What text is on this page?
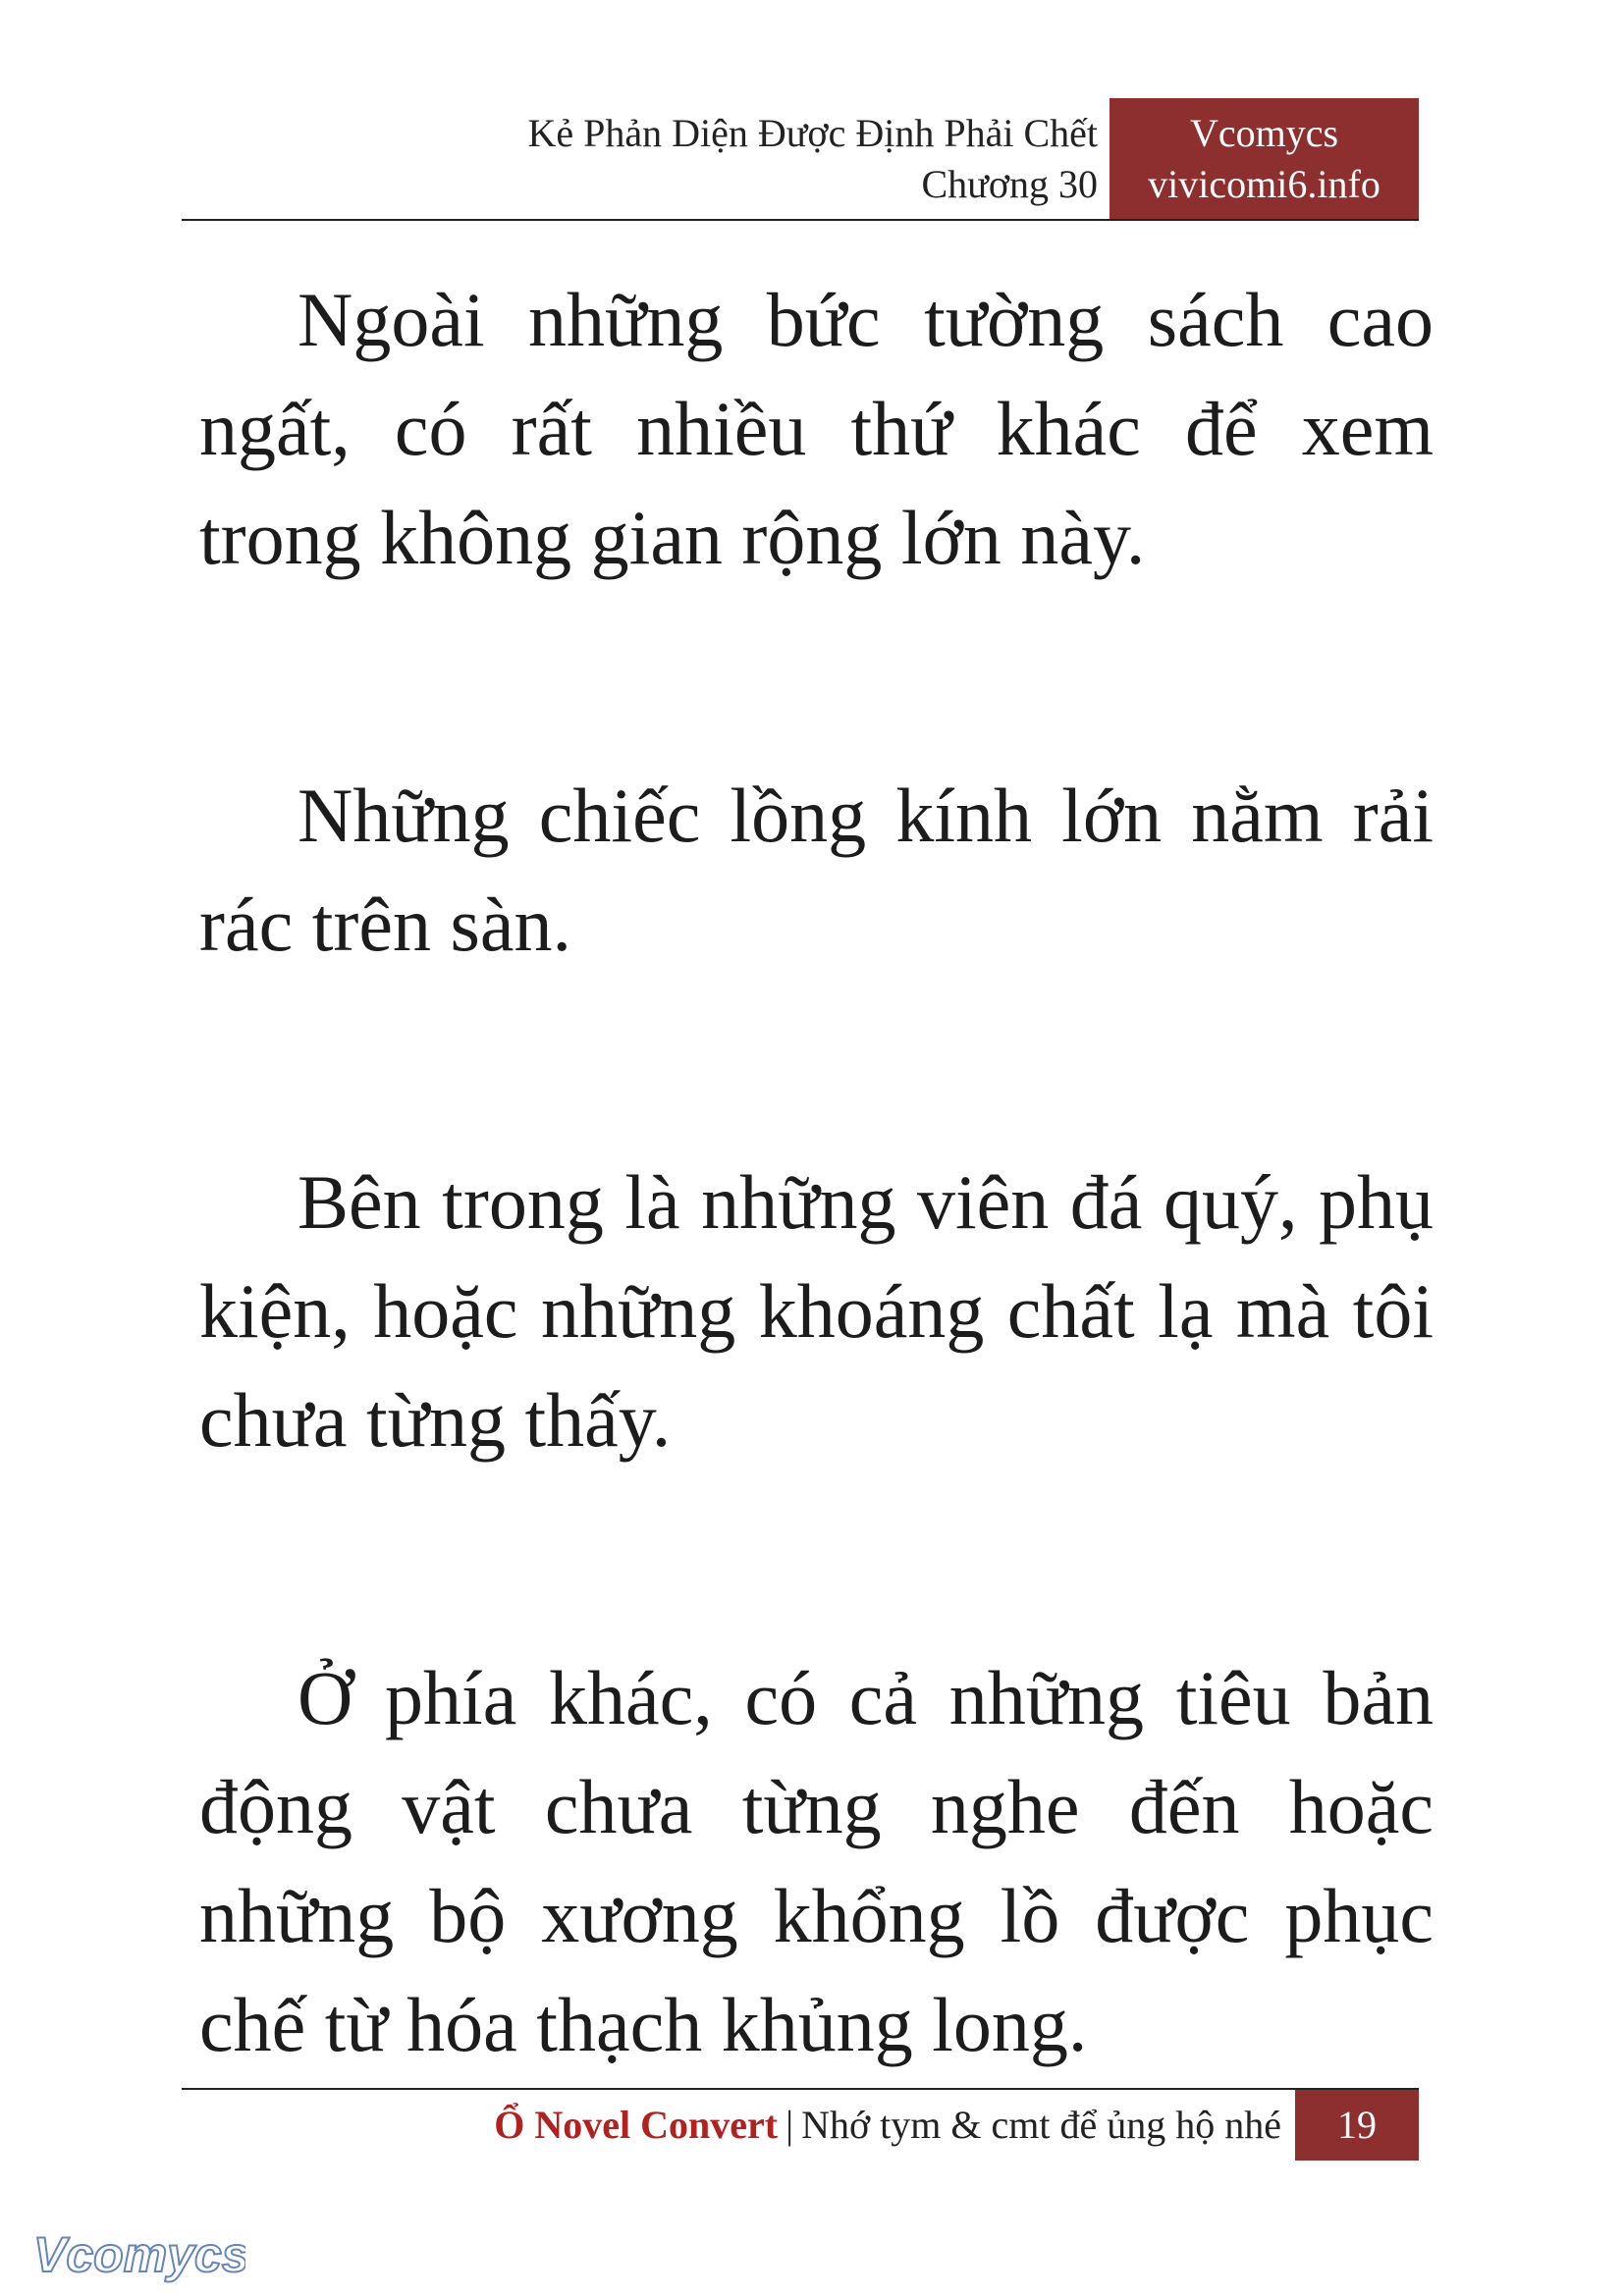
Kẻ Phản Diện Được Định Phải Chết
Chương 30
Vcomycs
vivicomi6.info

Ngoài những bức tường sách cao ngất, có rất nhiều thứ khác để xem trong không gian rộng lớn này.

Những chiếc lồng kính lớn nằm rải rác trên sàn.

Bên trong là những viên đá quý, phụ kiện, hoặc những khoáng chất lạ mà tôi chưa từng thấy.

Ở phía khác, có cả những tiêu bản động vật chưa từng nghe đến hoặc những bộ xương khổng lồ được phục chế từ hóa thạch khủng long.

Ổ Novel Convert | Nhớ tym & cmt để ủng hộ nhé	19
Vcomycs
